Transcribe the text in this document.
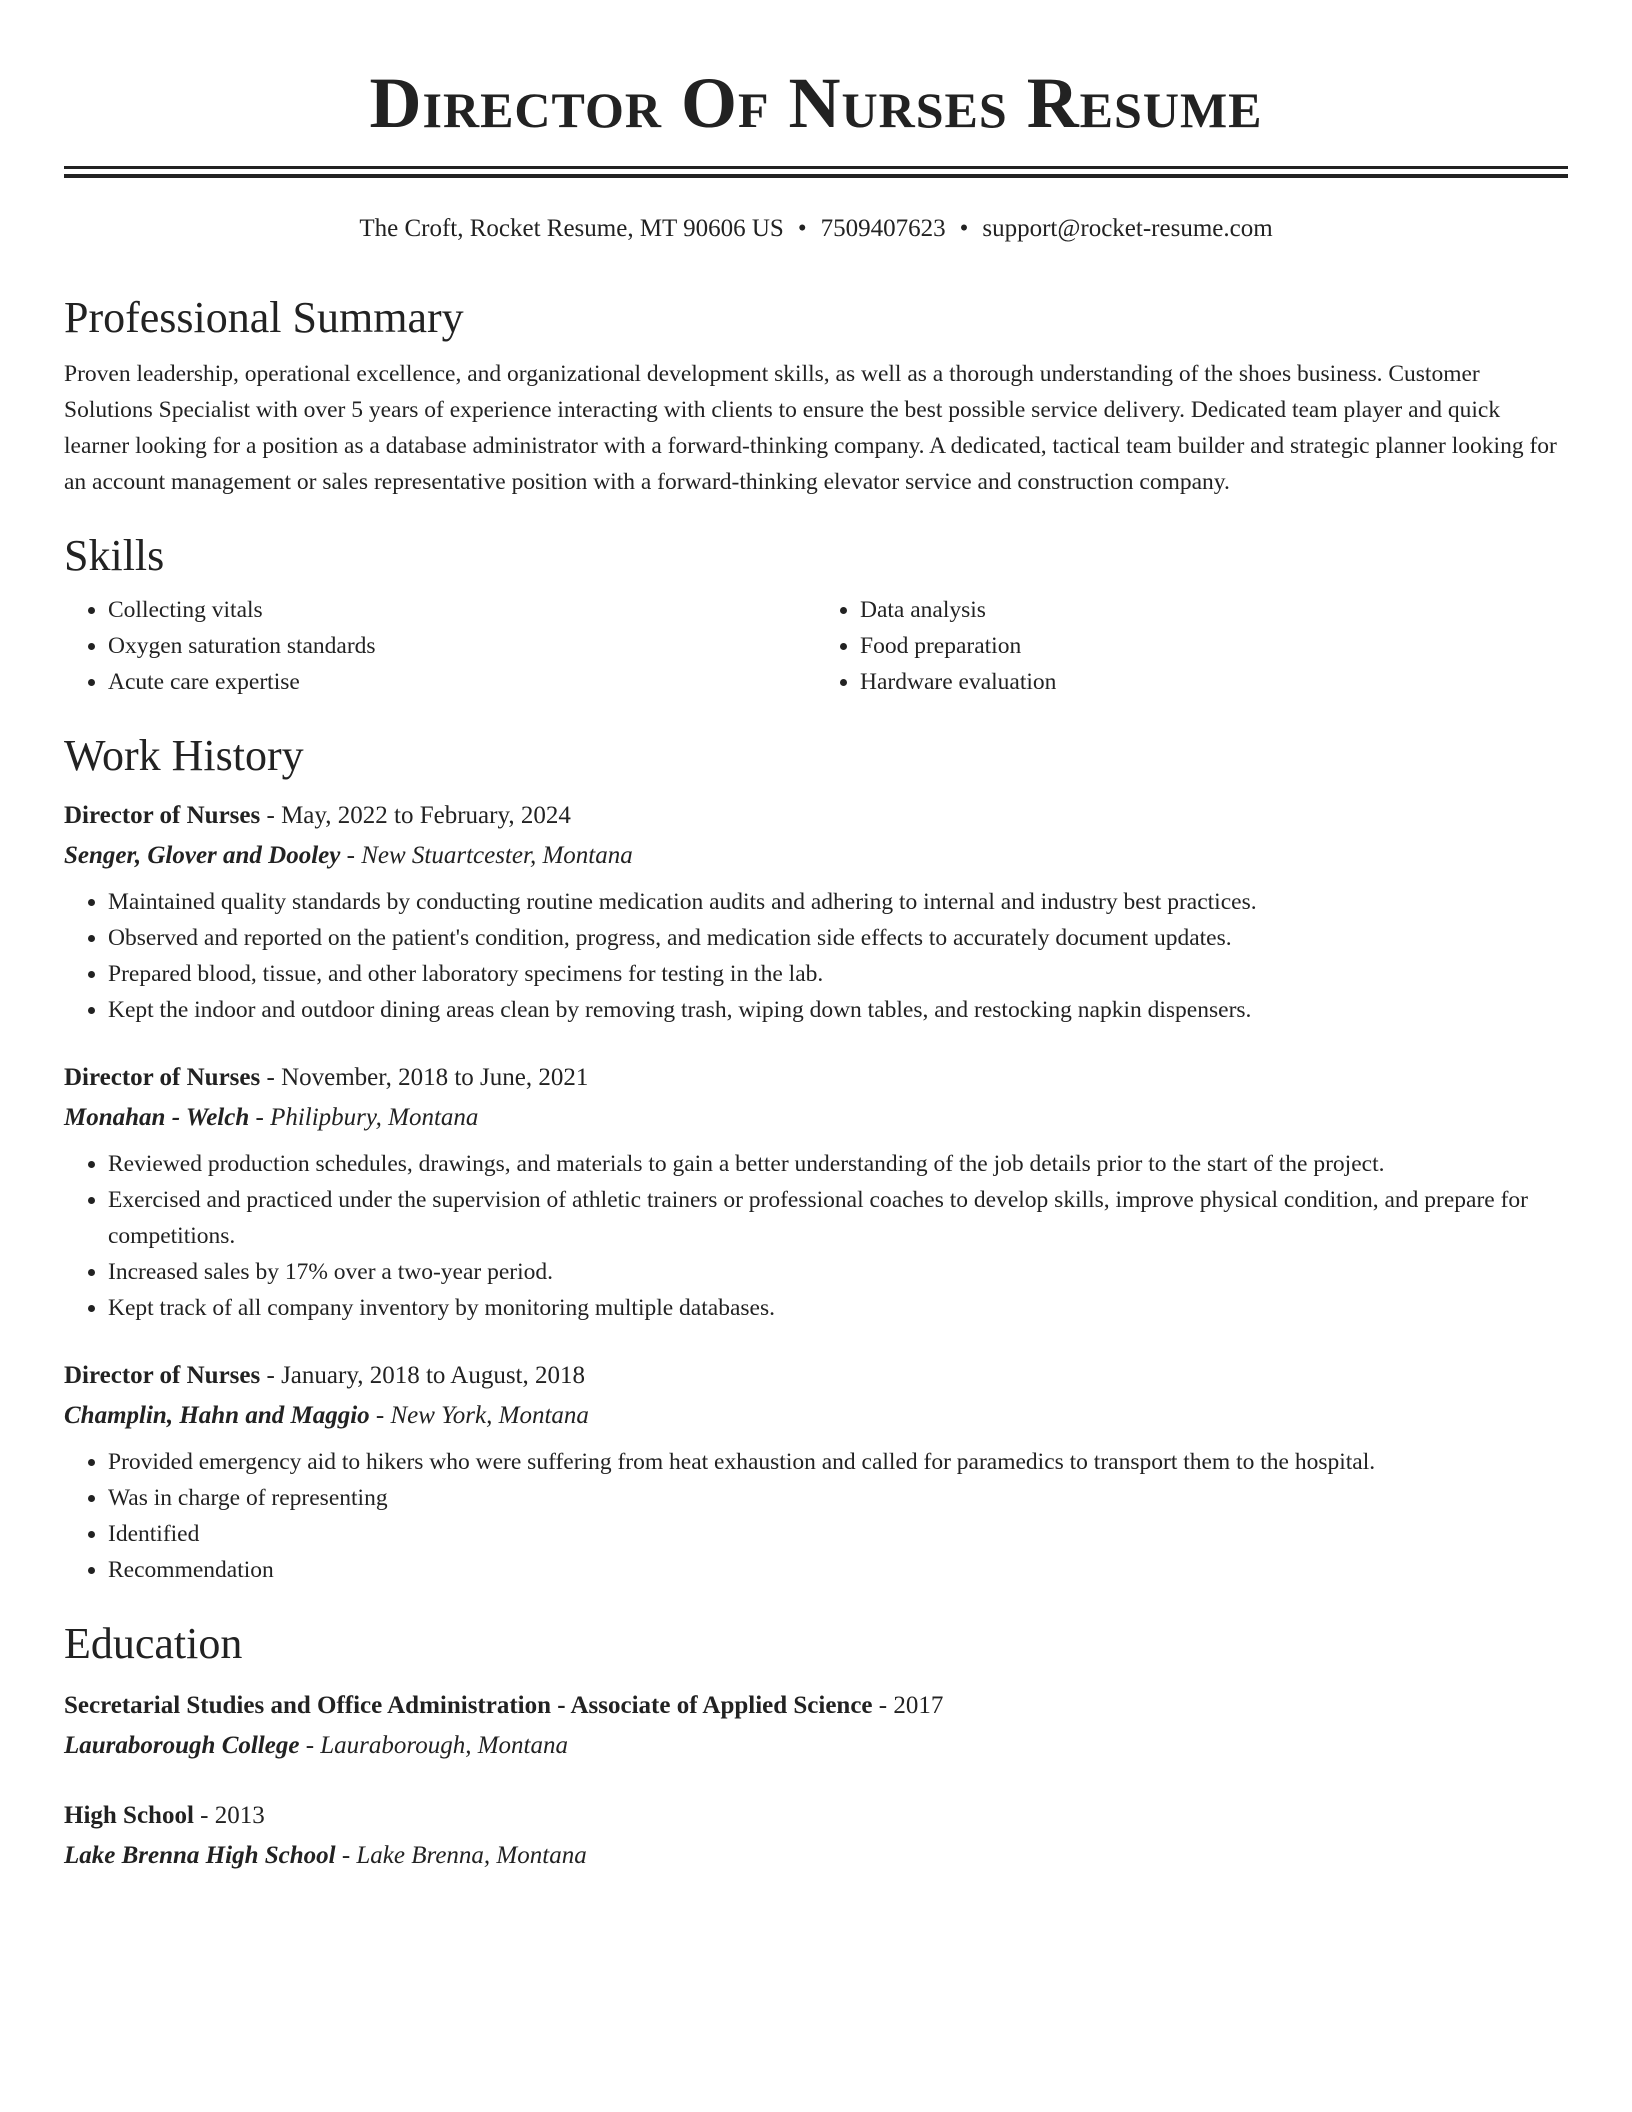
Director Of Nurses Resume
The Croft, Rocket Resume, MT 90606 US • 7509407623 • support@rocket-resume.com
Professional Summary

Proven leadership, operational excellence, and organizational development skills, as well as a thorough understanding of the shoes business. Customer Solutions Specialist with over 5 years of experience interacting with clients to ensure the best possible service delivery. Dedicated team player and quick learner looking for a position as a database administrator with a forward-thinking company. A dedicated, tactical team builder and strategic planner looking for an account management or sales representative position with a forward-thinking elevator service and construction company.

Skills
• Collecting vitals
• Oxygen saturation standards
• Acute care expertise
• Data analysis
• Food preparation
• Hardware evaluation
Work History
Director of Nurses - May, 2022 to February, 2024
Senger, Glover and Dooley - New Stuartcester, Montana
• Maintained quality standards by conducting routine medication audits and adhering to internal and industry best practices.
• Observed and reported on the patient's condition, progress, and medication side effects to accurately document updates.
• Prepared blood, tissue, and other laboratory specimens for testing in the lab.
• Kept the indoor and outdoor dining areas clean by removing trash, wiping down tables, and restocking napkin dispensers.
Director of Nurses - November, 2018 to June, 2021
Monahan - Welch - Philipbury, Montana
• Reviewed production schedules, drawings, and materials to gain a better understanding of the job details prior to the start of the project.
• Exercised and practiced under the supervision of athletic trainers or professional coaches to develop skills, improve physical condition, and prepare for competitions.
• Increased sales by 17% over a two-year period.
• Kept track of all company inventory by monitoring multiple databases.
Director of Nurses - January, 2018 to August, 2018
Champlin, Hahn and Maggio - New York, Montana
• Provided emergency aid to hikers who were suffering from heat exhaustion and called for paramedics to transport them to the hospital.
• Was in charge of representing
• Identified
• Recommendation
Education
Secretarial Studies and Office Administration - Associate of Applied Science - 2017
Lauraborough College - Lauraborough, Montana
High School - 2013
Lake Brenna High School - Lake Brenna, Montana
